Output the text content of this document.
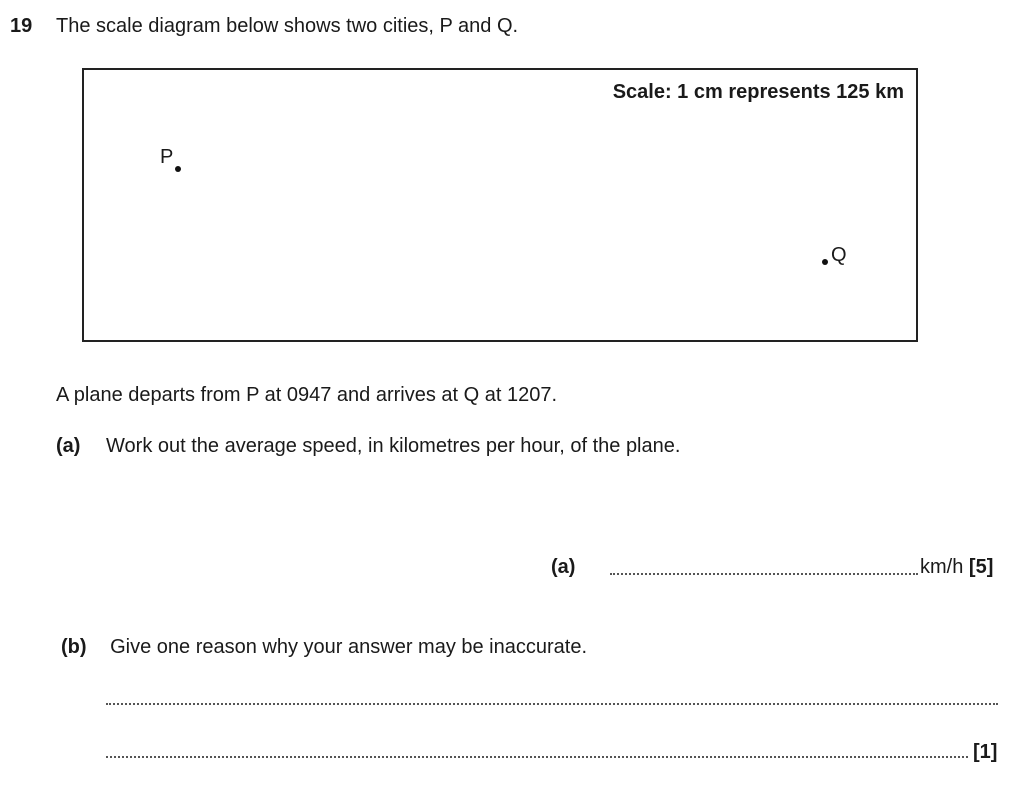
19 The scale diagram below shows two cities, P and Q.
Scale: 1 cm represents 125 km
P
Q
A plane departs from P at 0947 and arrives at Q at 1207.
(a) Work out the average speed, in kilometres per hour, of the plane.
(a)	km/h [5]
(b) Give one reason why your answer may be inaccurate.
[1]
